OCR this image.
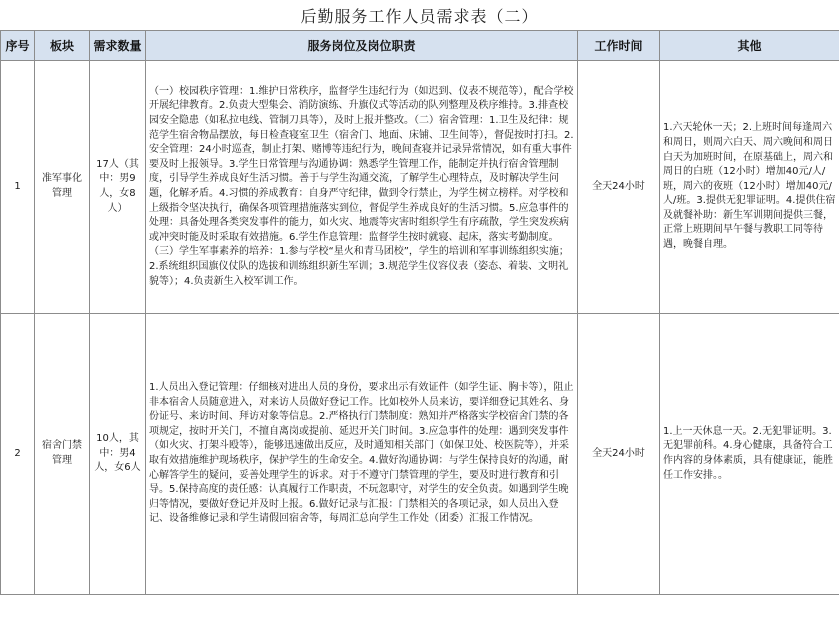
后勤服务工作人员需求表（二）
序号	板块	需求数量	服务岗位及岗位职责	工作时间	其他
1	准军事化管理	17人（其中：男9人，女8人）	（一）校园秩序管理：1.维护日常秩序，监督学生违纪行为（如迟到、仪表不规范等），配合学校开展纪律教育。2.负责大型集会、消防演练、升旗仪式等活动的队列整理及秩序维持。3.排查校园安全隐患（如私拉电线、管制刀具等），及时上报并整改。（二）宿舍管理：1.卫生及纪律：规范学生宿舍物品摆放，每日检查寝室卫生（宿舍门、地面、床铺、卫生间等），督促按时打扫。2.安全管理：24小时巡查，制止打架、赌博等违纪行为，晚间查寝并记录异常情况，如有重大事件要及时上报领导。3.学生日常管理与沟通协调：熟悉学生管理工作，能制定并执行宿舍管理制度，引导学生养成良好生活习惯。善于与学生沟通交流，了解学生心理特点，及时解决学生问题，化解矛盾。4.习惯的养成教育：自身严守纪律，做到令行禁止，为学生树立榜样。对学校和上级指令坚决执行，确保各项管理措施落实到位，督促学生养成良好的生活习惯。5.应急事件的处理：具备处理各类突发事件的能力，如火灾、地震等灾害时组织学生有序疏散，学生突发疾病或冲突时能及时采取有效措施。6.学生作息管理：监督学生按时就寝、起床，落实考勤制度。（三）学生军事素养的培养：1.参与学校“星火和青马团校”，学生的培训和军事训练组织实施；2.系统组织国旗仪仗队的选拔和训练组织新生军训；3.规范学生仪容仪表（姿态、着装、文明礼貌等）；4.负责新生入校军训工作。	全天24小时	1.六天轮休一天；2.上班时间每逢周六和周日，则周六白天、周六晚间和周日白天为加班时间，在原基础上，周六和周日的白班（12小时）增加40元/人/班，周六的夜班（12小时）增加40元/人/班。3.提供无犯罪证明。4.提供住宿及就餐补助：新生军训期间提供三餐，正常上班期间早午餐与教职工同等待遇，晚餐自理。
2	宿舍门禁管理	10人，其中：男4人，女6人	1.人员出入登记管理：仔细核对进出人员的身份，要求出示有效证件（如学生证、胸卡等），阻止非本宿舍人员随意进入，对来访人员做好登记工作。比如校外人员来访，要详细登记其姓名、身份证号、来访时间、拜访对象等信息。2.严格执行门禁制度：熟知并严格落实学校宿舍门禁的各项规定，按时开关门，不擅自离岗或提前、延迟开关门时间。3.应急事件的处理：遇到突发事件（如火灾、打架斗殴等），能够迅速做出反应，及时通知相关部门（如保卫处、校医院等），并采取有效措施维护现场秩序，保护学生的生命安全。4.做好沟通协调：与学生保持良好的沟通，耐心解答学生的疑问，妥善处理学生的诉求。对于不遵守门禁管理的学生，要及时进行教育和引导。5.保持高度的责任感：认真履行工作职责，不玩忽职守，对学生的安全负责。如遇到学生晚归等情况，要做好登记并及时上报。6.做好记录与汇报：门禁相关的各项记录，如人员出入登记、设备维修记录和学生请假回宿舍等，每周汇总向学生工作处（团委）汇报工作情况。	全天24小时	1.上一天休息一天。2.无犯罪证明。3.无犯罪前科。4.身心健康，具备符合工作内容的身体素质，具有健康证，能胜任工作安排。。
